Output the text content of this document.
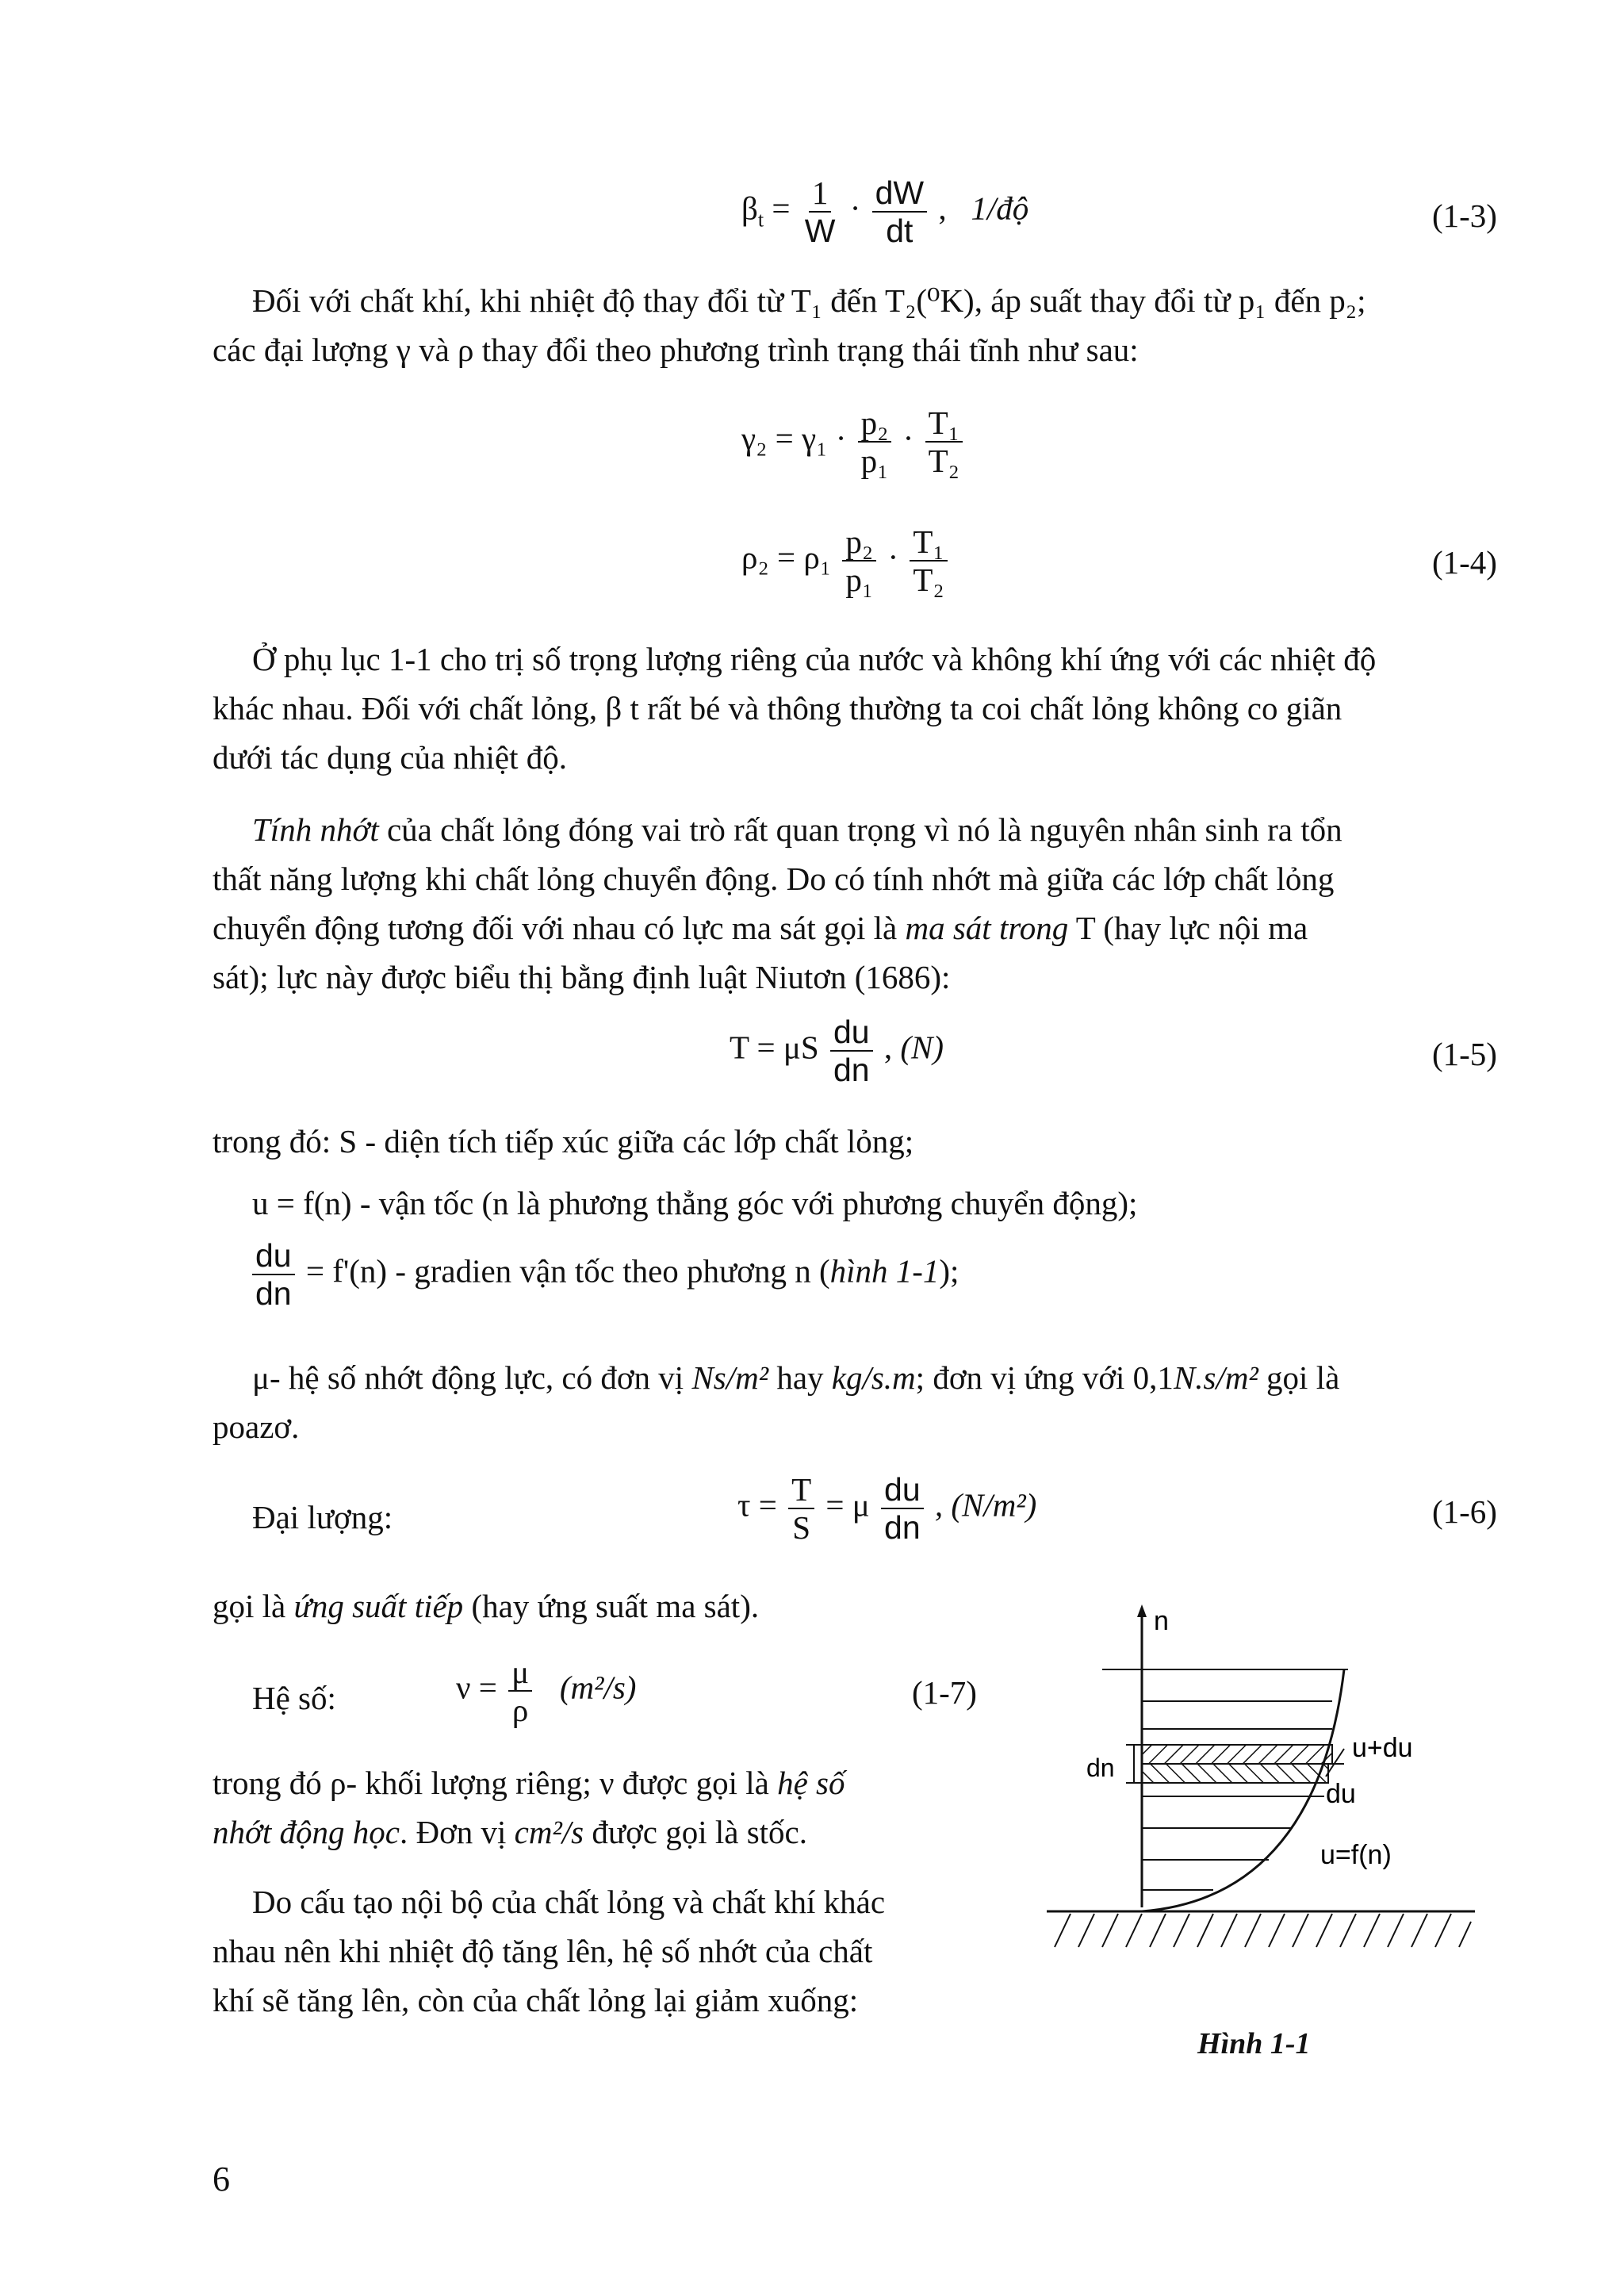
$\beta_t = \frac{1}{W} \cdot \frac{dW}{dt}$ ,   1/độ	(1-3)
Đối với chất khí, khi nhiệt độ thay đổi từ T₁ đến T₂(⁰K), áp suất thay đổi từ p₁ đến p₂;
các đại lượng γ và ρ thay đổi theo phương trình trạng thái tĩnh như sau:
$\gamma_2 = \gamma_1 \cdot \frac{\text{p₂}}{\text{p₁}} \cdot \frac{\text{T₁}}{\text{T₂}}$
$\rho_2 = \rho_1 \frac{\text{p₂}}{\text{p₁}} \cdot \frac{\text{T₁}}{\text{T₂}}$	(1-4)
Ở phụ lục 1-1 cho trị số trọng lượng riêng của nước và không khí ứng với các nhiệt độ
khác nhau. Đối với chất lỏng, β t rất bé và thông thường ta coi chất lỏng không co giãn
dưới tác dụng của nhiệt độ.
Tính nhớt của chất lỏng đóng vai trò rất quan trọng vì nó là nguyên nhân sinh ra tổn
thất năng lượng khi chất lỏng chuyển động. Do có tính nhớt mà giữa các lớp chất lỏng
chuyển động tương đối với nhau có lực ma sát gọi là ma sát trong T (hay lực nội ma
sát); lực này được biểu thị bằng định luật Niutơn (1686):
T = μS $\frac{du}{dn}$ , (N)	(1-5)
trong đó: S - diện tích tiếp xúc giữa các lớp chất lỏng;
u = f(n) - vận tốc (n là phương thẳng góc với phương chuyển động);
$\frac{du}{dn} = f'(n)$ - gradien vận tốc theo phương n (hình 1-1);
μ- hệ số nhớt động lực, có đơn vị Ns/m² hay kg/s.m; đơn vị ứng với 0,1N.s/m² gọi là
poazơ.
Đại lượng:	$\tau = \frac{T}{S} = \mu \frac{du}{dn}$ , (N/m²)	(1-6)
gọi là ứng suất tiếp (hay ứng suất ma sát).
Hệ số:	$\nu = \frac{\mu}{\rho} (m^2/s)$	(1-7)
trong đó ρ- khối lượng riêng; ν được gọi là hệ số
nhớt động học. Đơn vị cm²/s được gọi là stốc.
Do cấu tạo nội bộ của chất lỏng và chất khí khác
nhau nên khi nhiệt độ tăng lên, hệ số nhớt của chất
khí sẽ tăng lên, còn của chất lỏng lại giảm xuống:
n
dn
u+du
du
u=f(n)
Hình 1-1
6
